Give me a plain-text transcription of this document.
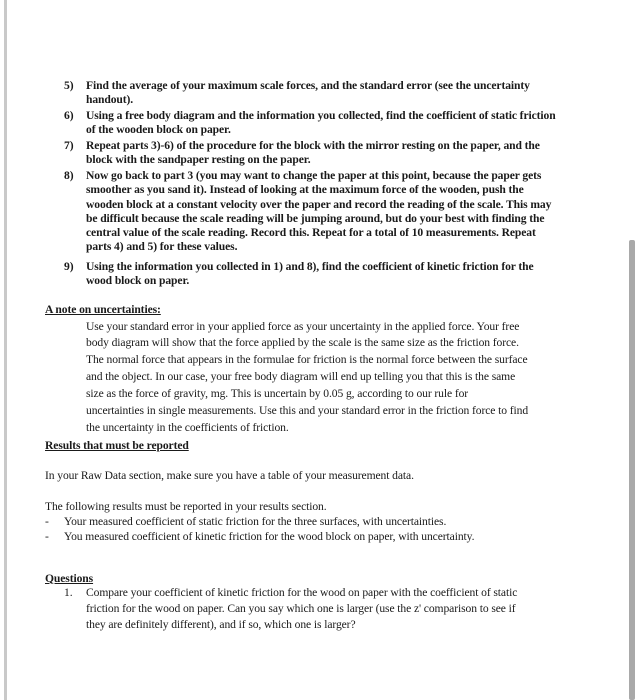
5) Find the average of your maximum scale forces, and the standard error (see the uncertainty
handout).
6) Using a free body diagram and the information you collected, find the coefficient of static friction
of the wooden block on paper.
7) Repeat parts 3)-6) of the procedure for the block with the mirror resting on the paper, and the
block with the sandpaper resting on the paper.
8) Now go back to part 3 (you may want to change the paper at this point, because the paper gets
smoother as you sand it). Instead of looking at the maximum force of the wooden, push the
wooden block at a constant velocity over the paper and record the reading of the scale. This may
be difficult because the scale reading will be jumping around, but do your best with finding the
central value of the scale reading. Record this. Repeat for a total of 10 measurements. Repeat
parts 4) and 5) for these values.
9) Using the information you collected in 1) and 8), find the coefficient of kinetic friction for the
wood block on paper.
A note on uncertainties:
Use your standard error in your applied force as your uncertainty in the applied force. Your free
body diagram will show that the force applied by the scale is the same size as the friction force.
The normal force that appears in the formulae for friction is the normal force between the surface
and the object. In our case, your free body diagram will end up telling you that this is the same
size as the force of gravity, mg. This is uncertain by 0.05 g, according to our rule for
uncertainties in single measurements. Use this and your standard error in the friction force to find
the uncertainty in the coefficients of friction.
Results that must be reported
In your Raw Data section, make sure you have a table of your measurement data.
The following results must be reported in your results section.
- Your measured coefficient of static friction for the three surfaces, with uncertainties.
- You measured coefficient of kinetic friction for the wood block on paper, with uncertainty.
Questions
1. Compare your coefficient of kinetic friction for the wood on paper with the coefficient of static
friction for the wood on paper. Can you say which one is larger (use the z' comparison to see if
they are definitely different), and if so, which one is larger?
